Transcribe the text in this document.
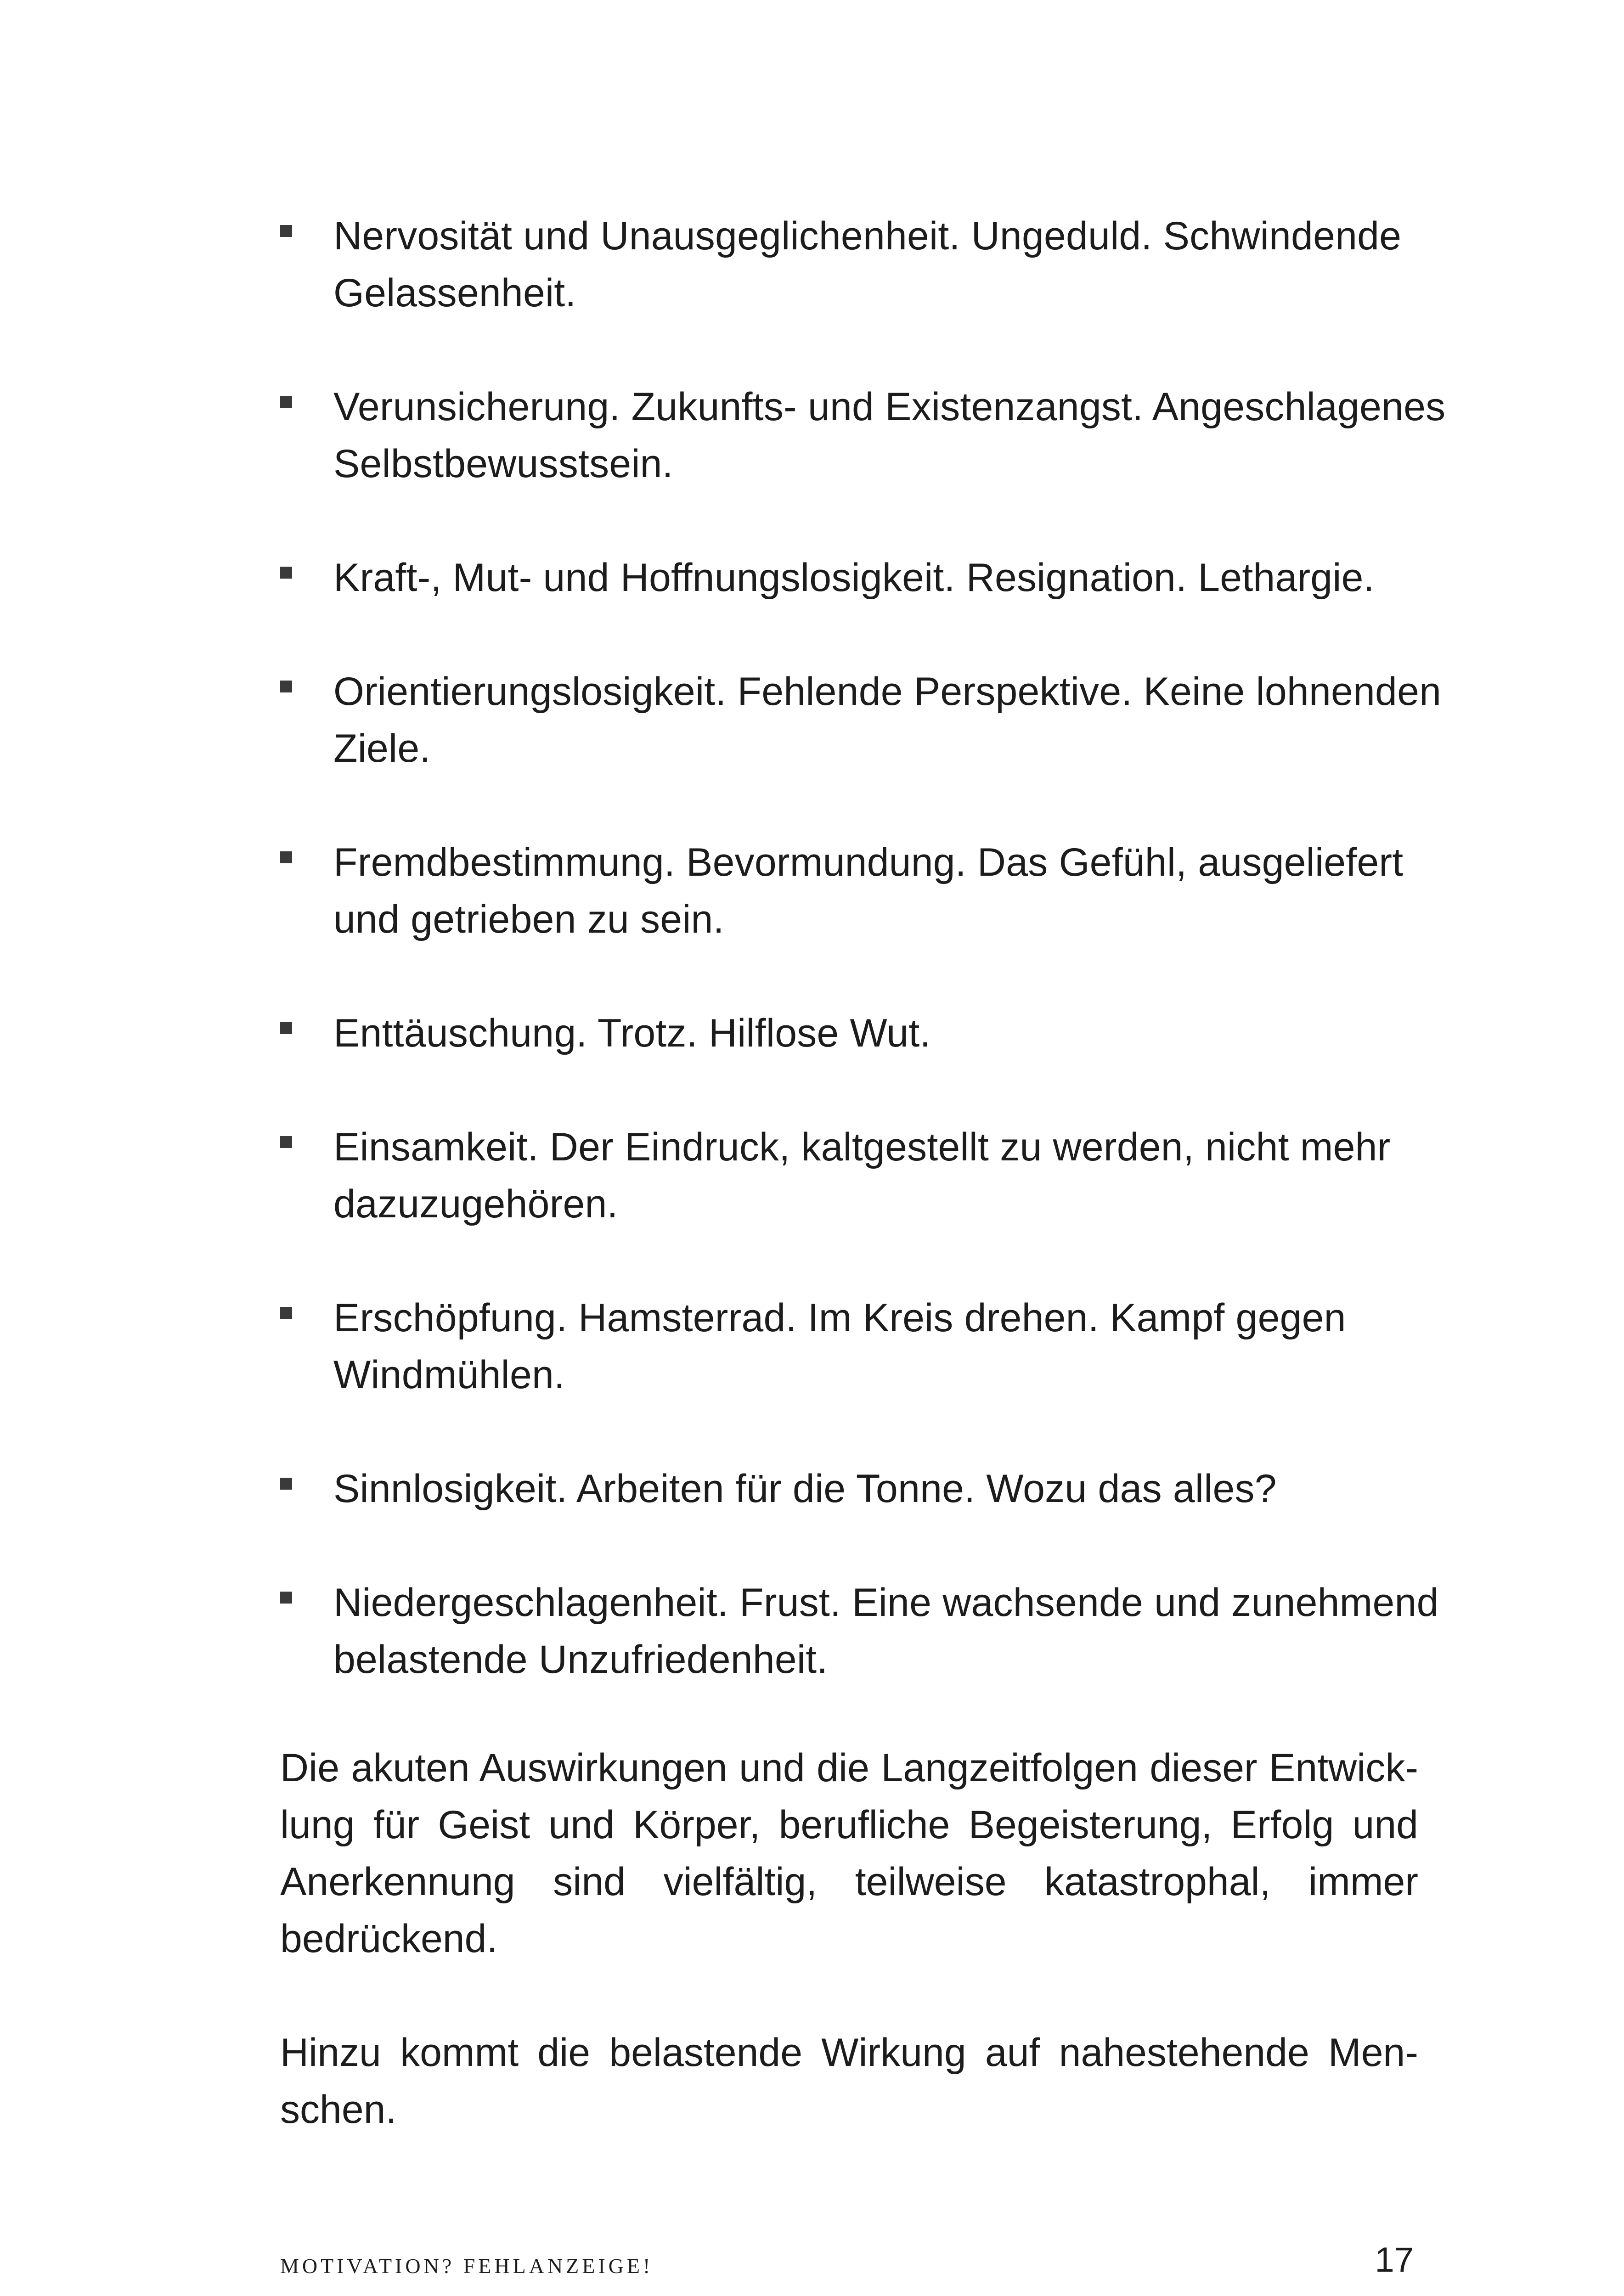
Nervosität und Unausgeglichenheit. Ungeduld. Schwindende Gelassenheit.
Verunsicherung. Zukunfts- und Existenzangst. Angeschlagenes Selbstbewusstsein.
Kraft-, Mut- und Hoffnungslosigkeit. Resignation. Lethargie.
Orientierungslosigkeit. Fehlende Perspektive. Keine lohnenden Ziele.
Fremdbestimmung. Bevormundung. Das Gefühl, ausgeliefert und getrieben zu sein.
Enttäuschung. Trotz. Hilflose Wut.
Einsamkeit. Der Eindruck, kaltgestellt zu werden, nicht mehr dazuzugehören.
Erschöpfung. Hamsterrad. Im Kreis drehen. Kampf gegen Windmühlen.
Sinnlosigkeit. Arbeiten für die Tonne. Wozu das alles?
Niedergeschlagenheit. Frust. Eine wachsende und zunehmend belastende Unzufriedenheit.

Die akuten Auswirkungen und die Langzeitfolgen dieser Entwicklung für Geist und Körper, berufliche Begeisterung, Erfolg und Anerkennung sind vielfältig, teilweise katastrophal, immer bedrückend.

Hinzu kommt die belastende Wirkung auf nahestehende Menschen.

MOTIVATION? FEHLANZEIGE!	17
